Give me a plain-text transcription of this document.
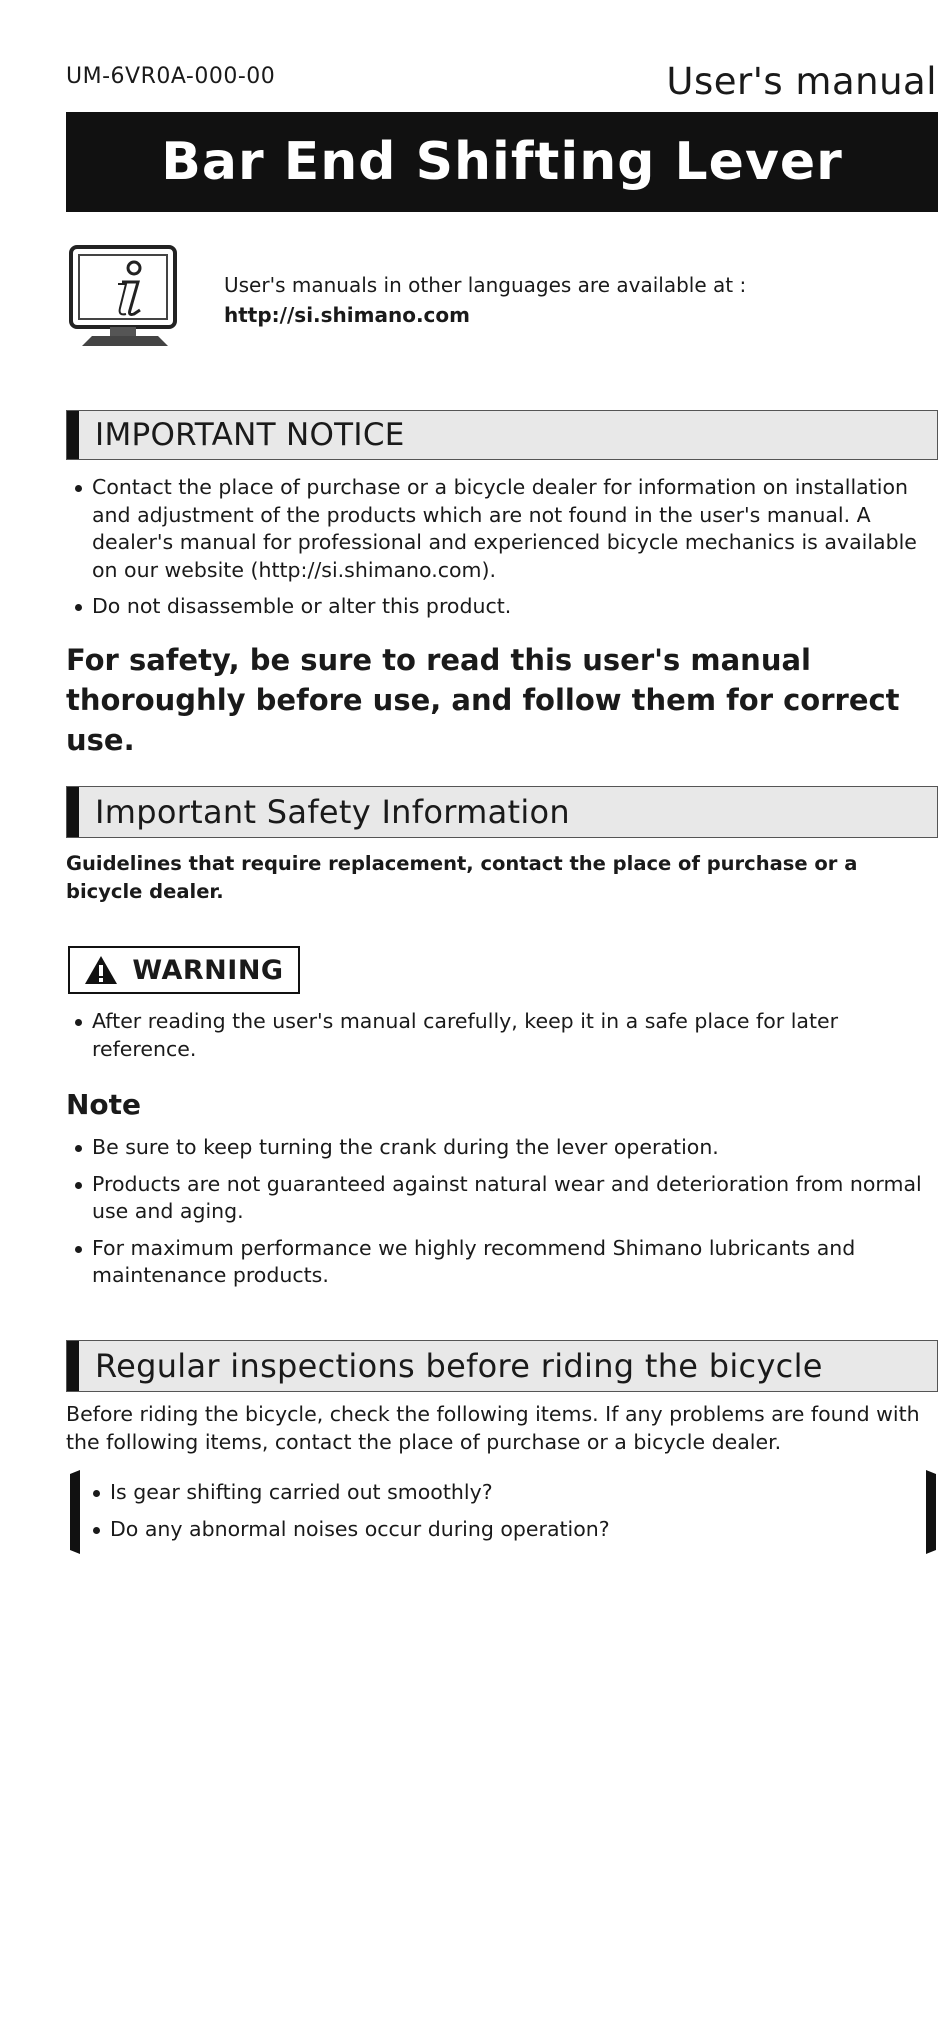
UM-6VR0A-000-00	User's manual
Bar End Shifting Lever
User's manuals in other languages are available at :
http://si.shimano.com
IMPORTANT NOTICE
Contact the place of purchase or a bicycle dealer for information on installation and adjustment of the products which are not found in the user's manual. A dealer's manual for professional and experienced bicycle mechanics is available on our website (http://si.shimano.com).
Do not disassemble or alter this product.
For safety, be sure to read this user's manual thoroughly before use, and follow them for correct use.
Important Safety Information
Guidelines that require replacement, contact the place of purchase or a bicycle dealer.
WARNING
After reading the user's manual carefully, keep it in a safe place for later reference.
Note
Be sure to keep turning the crank during the lever operation.
Products are not guaranteed against natural wear and deterioration from normal use and aging.
For maximum performance we highly recommend Shimano lubricants and maintenance products.
Regular inspections before riding the bicycle
Before riding the bicycle, check the following items. If any problems are found with the following items, contact the place of purchase or a bicycle dealer.
Is gear shifting carried out smoothly?
Do any abnormal noises occur during operation?
